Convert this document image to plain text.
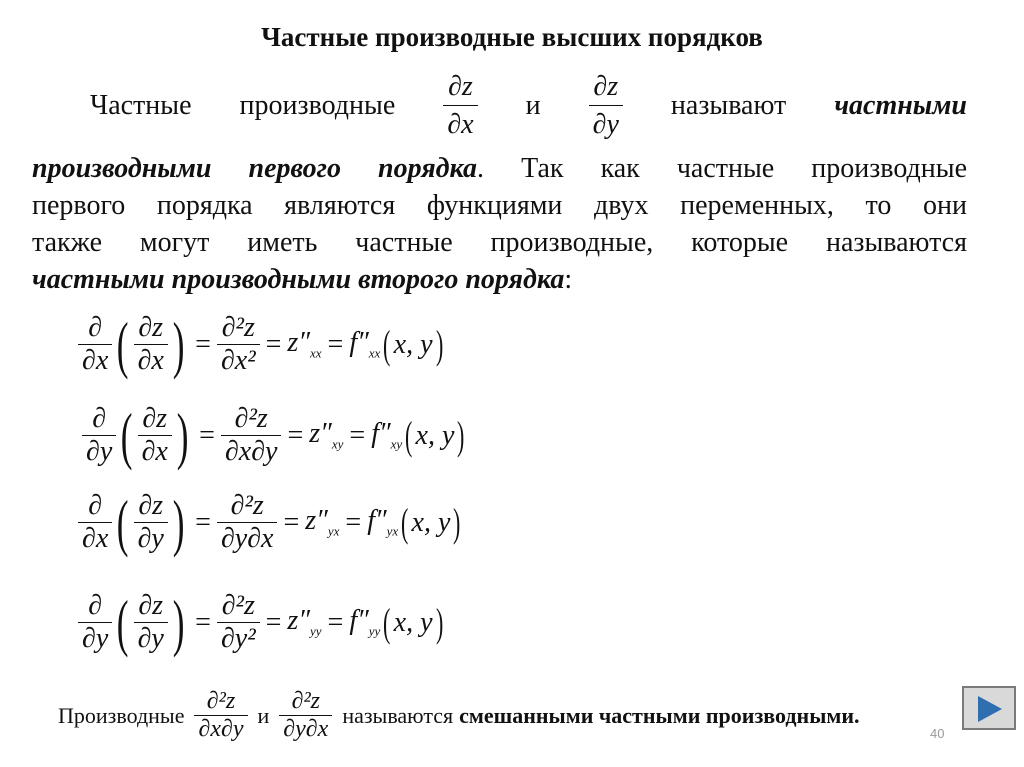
Частные производные высших порядков
Частные производные $\frac{\partial z}{\partial x}$ и $\frac{\partial z}{\partial y}$ называют частными
производными первого порядка. Так как частные производные
первого порядка являются функциями двух переменных, то они
также могут иметь частные производные, которые называются
частными производными второго порядка:
$\frac{\partial}{\partial x}$ ( $\frac{\partial z}{\partial x}$ ) = $\frac{\text{∂²z}}{\text{∂x²}} = z''_{xx} = f''_{xx}$ ( x, y )
$\frac{\partial}{\partial y}$ ( $\frac{\partial z}{\partial x}$ ) = $\frac{\text{∂²z}}{\partial x\partial y} = z''_{xy} = f''_{xy}$ ( x, y )
$\frac{\partial}{\partial x}$ ( $\frac{\partial z}{\partial y}$ ) = $\frac{\text{∂²z}}{\partial y\partial x} = z''_{yx} = f''_{yx}$ ( x, y )
$\frac{\partial}{\partial y}$ ( $\frac{\partial z}{\partial y}$ ) = $\frac{\text{∂²z}}{\text{∂y²}} = z''_{yy} = f''_{yy}$ ( x, y )
Производные $\frac{\text{∂²z}}{\partial x\partial y}$ и $\frac{\text{∂²z}}{\partial y\partial x}$ называются смешанными частными производными.
40
